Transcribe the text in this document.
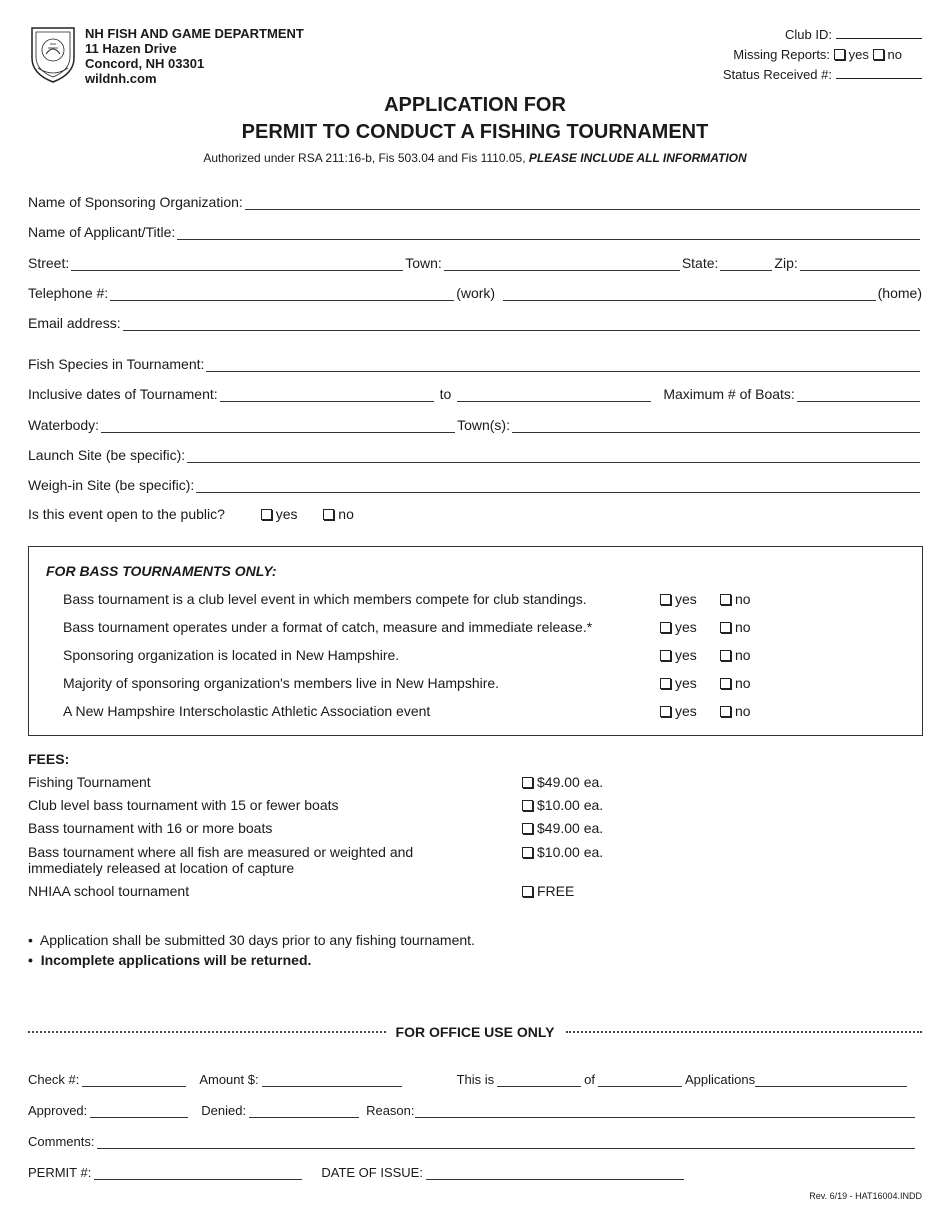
NH FISH AND GAME DEPARTMENT
11 Hazen Drive
Concord, NH 03301
wildnh.com
Club ID:
Missing Reports: yes no
Status Received #:
APPLICATION FOR
PERMIT TO CONDUCT A FISHING TOURNAMENT
Authorized under RSA 211:16-b, Fis 503.04 and Fis 1110.05, PLEASE INCLUDE ALL INFORMATION
Name of Sponsoring Organization:
Name of Applicant/Title:
Street:	Town:	State:	Zip:
Telephone #:	(work)	(home)
Email address:
Fish Species in Tournament:
Inclusive dates of Tournament:	to	Maximum # of Boats:
Waterbody:	Town(s):
Launch Site (be specific):
Weigh-in Site (be specific):
Is this event open to the public?	yes	no
FOR BASS TOURNAMENTS ONLY:
Bass tournament is a club level event in which members compete for club standings.	yes	no
Bass tournament operates under a format of catch, measure and immediate release.*	yes	no
Sponsoring organization is located in New Hampshire.	yes	no
Majority of sponsoring organization's members live in New Hampshire.	yes	no
A New Hampshire Interscholastic Athletic Association event	yes	no
FEES:
Fishing Tournament	$49.00 ea.
Club level bass tournament with 15 or fewer boats	$10.00 ea.
Bass tournament with 16 or more boats	$49.00 ea.
Bass tournament where all fish are measured or weighted and immediately released at location of capture
$10.00 ea.
NHIAA school tournament	FREE
•  Application shall be submitted 30 days prior to any fishing tournament.
•  Incomplete applications will be returned.
FOR OFFICE USE ONLY
Check #:	Amount $:	This is	of	Applications
Approved:	Denied:	Reason:
Comments:
PERMIT #:	DATE OF ISSUE:
Rev. 6/19 - HAT16004.INDD
